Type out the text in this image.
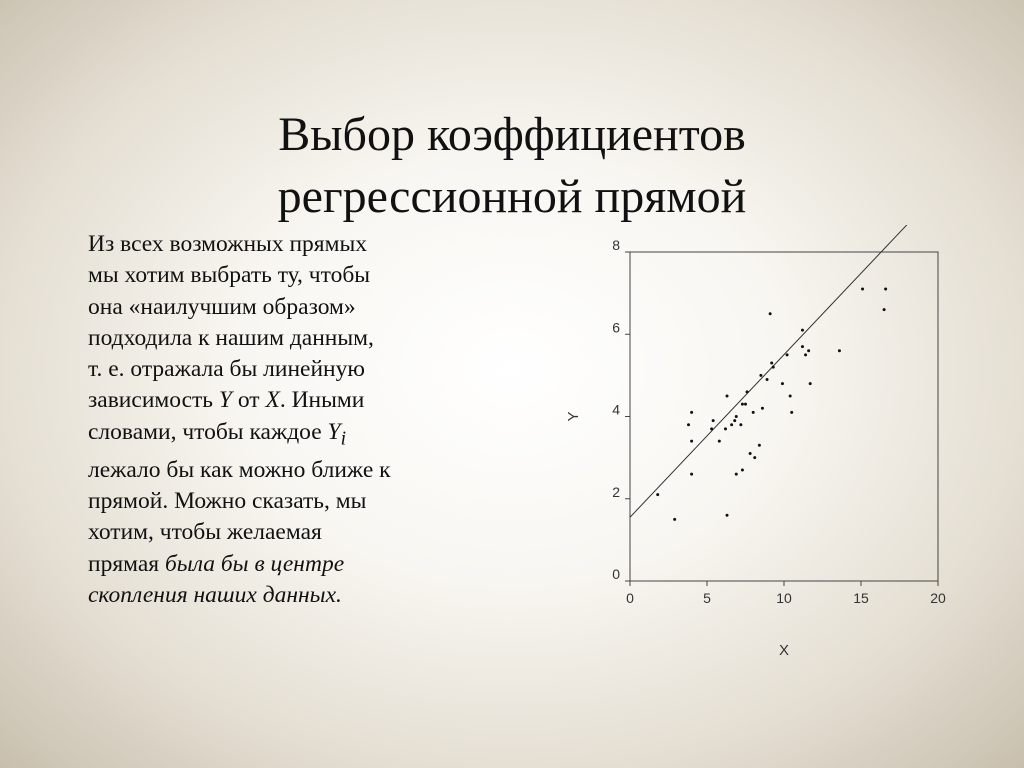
Выбор коэффициентов
регрессионной прямой
Из всех возможных прямых
мы хотим выбрать ту, чтобы
она «наилучшим образом»
подходила к нашим данным,
т. е. отражала бы линейную
зависимость Y от X. Иными
словами, чтобы каждое $Y_i$
лежало бы как можно ближе к
прямой. Можно сказать, мы
хотим, чтобы желаемая
прямая была бы в центре
скопления наших данных.	0	5	10	15	20
0
2
4
6
8
X
Y
